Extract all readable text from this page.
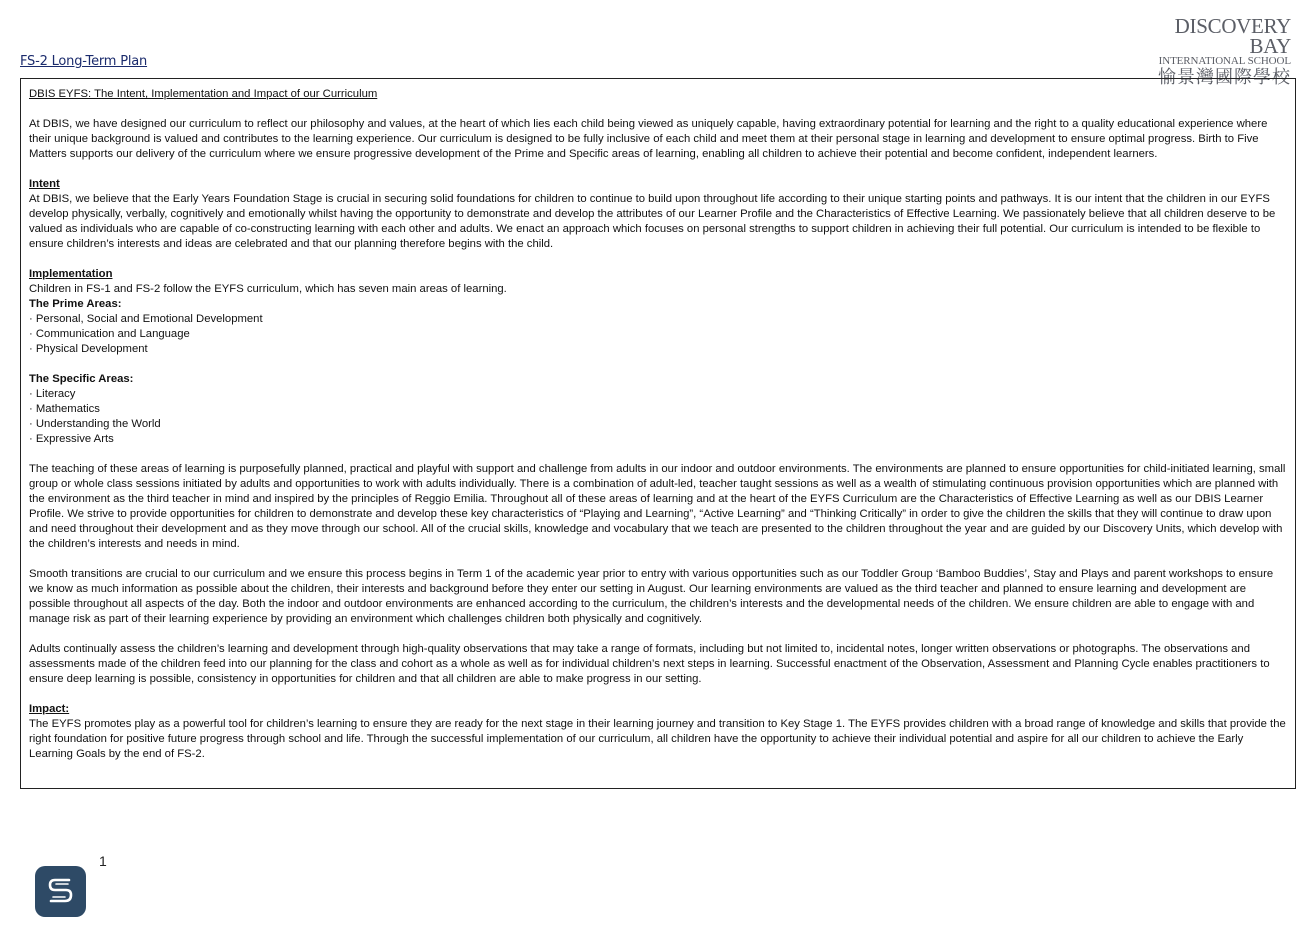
FS-2 Long-Term Plan
DISCOVERY BAY
INTERNATIONAL SCHOOL
愉景灣國際學校

DBIS EYFS: The Intent, Implementation and Impact of our Curriculum

At DBIS, we have designed our curriculum to reflect our philosophy and values, at the heart of which lies each child being viewed as uniquely capable, having extraordinary potential for learning and the right to a quality educational experience where their unique background is valued and contributes to the learning experience. Our curriculum is designed to be fully inclusive of each child and meet them at their personal stage in learning and development to ensure optimal progress. Birth to Five Matters supports our delivery of the curriculum where we ensure progressive development of the Prime and Specific areas of learning, enabling all children to achieve their potential and become confident, independent learners.

Intent
At DBIS, we believe that the Early Years Foundation Stage is crucial in securing solid foundations for children to continue to build upon throughout life according to their unique starting points and pathways. It is our intent that the children in our EYFS develop physically, verbally, cognitively and emotionally whilst having the opportunity to demonstrate and develop the attributes of our Learner Profile and the Characteristics of Effective Learning. We passionately believe that all children deserve to be valued as individuals who are capable of co-constructing learning with each other and adults. We enact an approach which focuses on personal strengths to support children in achieving their full potential. Our curriculum is intended to be flexible to ensure children’s interests and ideas are celebrated and that our planning therefore begins with the child.

Implementation
Children in FS-1 and FS-2 follow the EYFS curriculum, which has seven main areas of learning.
The Prime Areas:
· Personal, Social and Emotional Development
· Communication and Language
· Physical Development
The Specific Areas:
· Literacy
· Mathematics
· Understanding the World
· Expressive Arts

The teaching of these areas of learning is purposefully planned, practical and playful with support and challenge from adults in our indoor and outdoor environments. The environments are planned to ensure opportunities for child-initiated learning, small group or whole class sessions initiated by adults and opportunities to work with adults individually. There is a combination of adult-led, teacher taught sessions as well as a wealth of stimulating continuous provision opportunities which are planned with the environment as the third teacher in mind and inspired by the principles of Reggio Emilia. Throughout all of these areas of learning and at the heart of the EYFS Curriculum are the Characteristics of Effective Learning as well as our DBIS Learner Profile. We strive to provide opportunities for children to demonstrate and develop these key characteristics of “Playing and Learning”, “Active Learning” and “Thinking Critically” in order to give the children the skills that they will continue to draw upon and need throughout their development and as they move through our school. All of the crucial skills, knowledge and vocabulary that we teach are presented to the children throughout the year and are guided by our Discovery Units, which develop with the children’s interests and needs in mind.

Smooth transitions are crucial to our curriculum and we ensure this process begins in Term 1 of the academic year prior to entry with various opportunities such as our Toddler Group ‘Bamboo Buddies’, Stay and Plays and parent workshops to ensure we know as much information as possible about the children, their interests and background before they enter our setting in August. Our learning environments are valued as the third teacher and planned to ensure learning and development are possible throughout all aspects of the day. Both the indoor and outdoor environments are enhanced according to the curriculum, the children’s interests and the developmental needs of the children. We ensure children are able to engage with and manage risk as part of their learning experience by providing an environment which challenges children both physically and cognitively.

Adults continually assess the children’s learning and development through high-quality observations that may take a range of formats, including but not limited to, incidental notes, longer written observations or photographs. The observations and assessments made of the children feed into our planning for the class and cohort as a whole as well as for individual children’s next steps in learning. Successful enactment of the Observation, Assessment and Planning Cycle enables practitioners to ensure deep learning is possible, consistency in opportunities for children and that all children are able to make progress in our setting.

Impact:
The EYFS promotes play as a powerful tool for children’s learning to ensure they are ready for the next stage in their learning journey and transition to Key Stage 1. The EYFS provides children with a broad range of knowledge and skills that provide the right foundation for positive future progress through school and life. Through the successful implementation of our curriculum, all children have the opportunity to achieve their individual potential and aspire for all our children to achieve the Early Learning Goals by the end of FS-2.

1
